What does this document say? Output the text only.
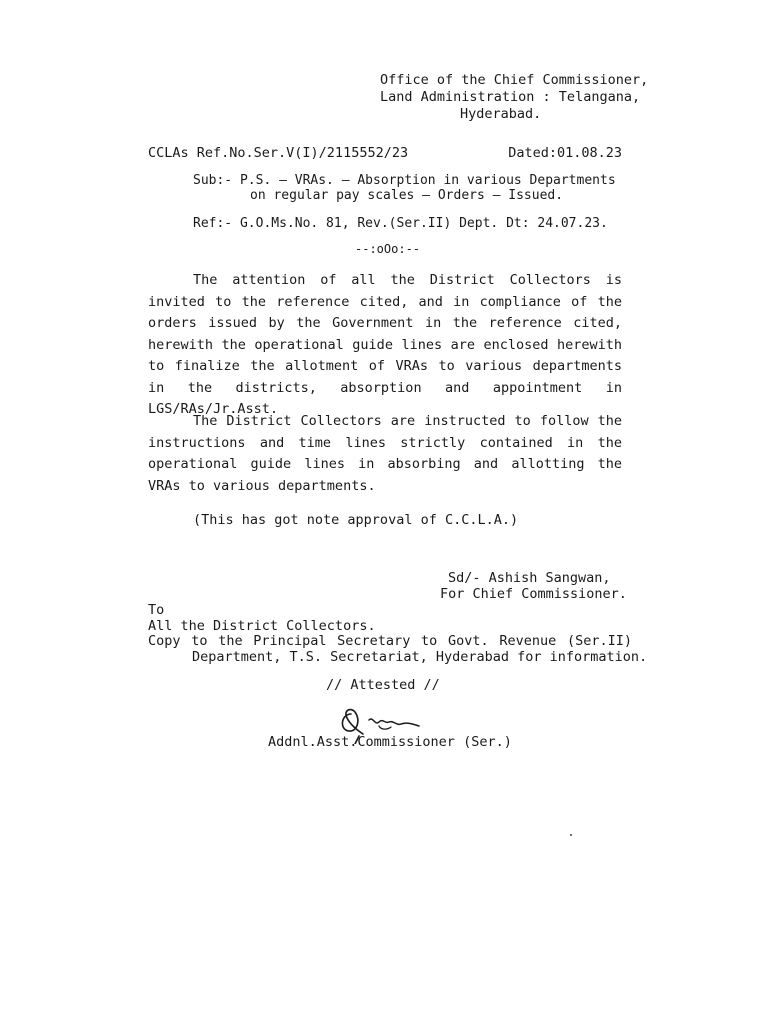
Office of the Chief Commissioner,
Land Administration : Telangana,
Hyderabad.
CCLAs Ref.No.Ser.V(I)/2115552/23	Dated:01.08.23
Sub:- P.S. – VRAs. – Absorption in various Departments
on regular pay scales – Orders – Issued.
Ref:- G.O.Ms.No. 81, Rev.(Ser.II) Dept. Dt: 24.07.23.
--:oOo:--
The attention of all the District Collectors is invited to the reference cited, and in compliance of the orders issued by the Government in the reference cited, herewith the operational guide lines are enclosed herewith to finalize the allotment of VRAs to various departments in the districts, absorption and appointment in LGS/RAs/Jr.Asst.
The District Collectors are instructed to follow the instructions and time lines strictly contained in the operational guide lines in absorbing and allotting the VRAs to various departments.
(This has got note approval of C.C.L.A.)
Sd/- Ashish Sangwan,
For Chief Commissioner.
To
All the District Collectors.
Copy to the Principal Secretary to Govt. Revenue (Ser.II)
Department, T.S. Secretariat, Hyderabad for information.
// Attested //
Addnl.Asst.Commissioner (Ser.)
